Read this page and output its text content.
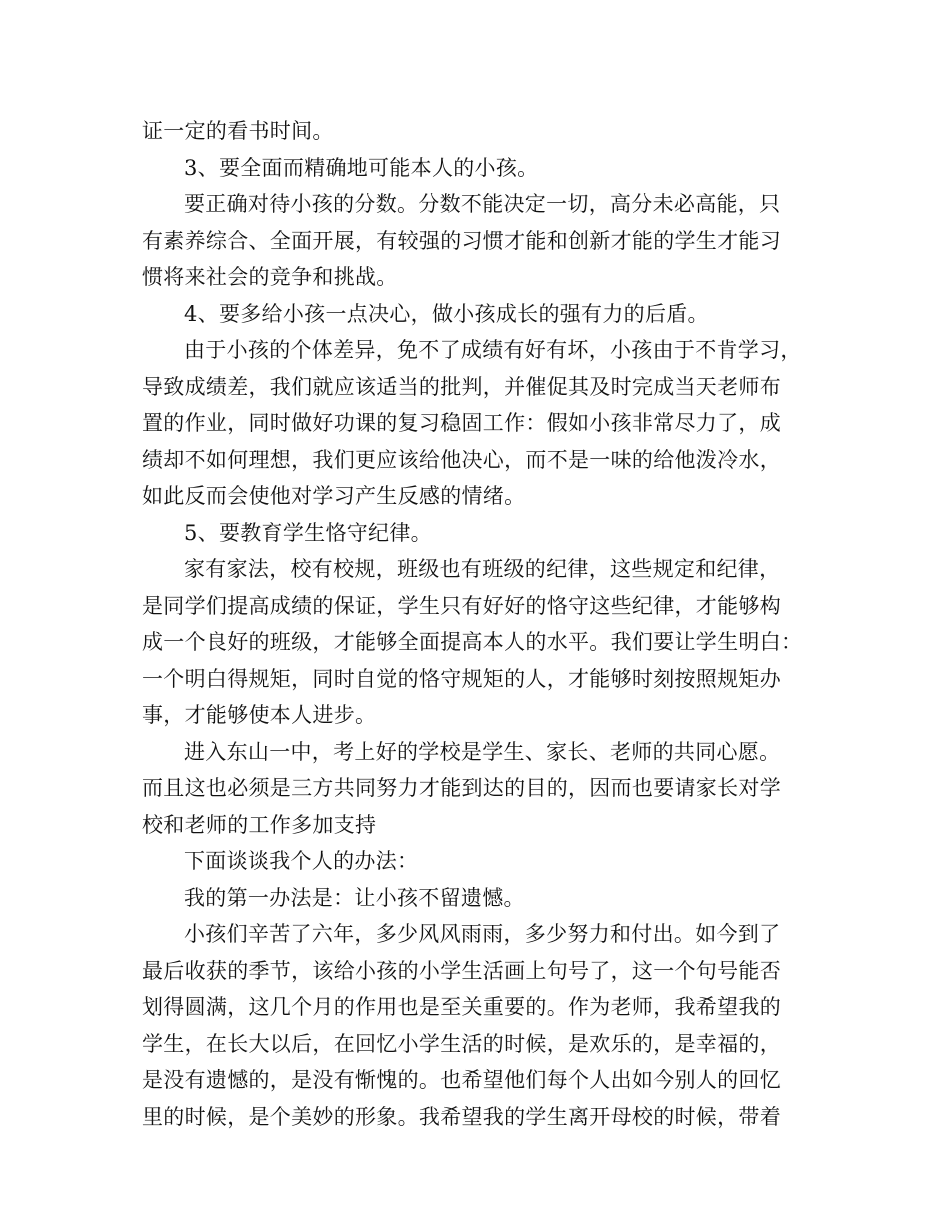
证一定的看书时间。
3、要全面而精确地可能本人的小孩。
要正确对待小孩的分数。分数不能决定一切，高分未必高能，只
有素养综合、全面开展，有较强的习惯才能和创新才能的学生才能习
惯将来社会的竞争和挑战。
4、要多给小孩一点决心，做小孩成长的强有力的后盾。
由于小孩的个体差异，免不了成绩有好有坏，小孩由于不肯学习，
导致成绩差，我们就应该适当的批判，并催促其及时完成当天老师布
置的作业，同时做好功课的复习稳固工作：假如小孩非常尽力了，成
绩却不如何理想，我们更应该给他决心，而不是一味的给他泼冷水，
如此反而会使他对学习产生反感的情绪。
5、要教育学生恪守纪律。
家有家法，校有校规，班级也有班级的纪律，这些规定和纪律，
是同学们提高成绩的保证，学生只有好好的恪守这些纪律，才能够构
成一个良好的班级，才能够全面提高本人的水平。我们要让学生明白：
一个明白得规矩，同时自觉的恪守规矩的人，才能够时刻按照规矩办
事，才能够使本人进步。
进入东山一中，考上好的学校是学生、家长、老师的共同心愿。
而且这也必须是三方共同努力才能到达的目的，因而也要请家长对学
校和老师的工作多加支持
下面谈谈我个人的办法：
我的第一办法是：让小孩不留遗憾。
小孩们辛苦了六年，多少风风雨雨，多少努力和付出。如今到了
最后收获的季节，该给小孩的小学生活画上句号了，这一个句号能否
划得圆满，这几个月的作用也是至关重要的。作为老师，我希望我的
学生，在长大以后，在回忆小学生活的时候，是欢乐的，是幸福的，
是没有遗憾的，是没有惭愧的。也希望他们每个人出如今别人的回忆
里的时候，是个美妙的形象。我希望我的学生离开母校的时候，带着
